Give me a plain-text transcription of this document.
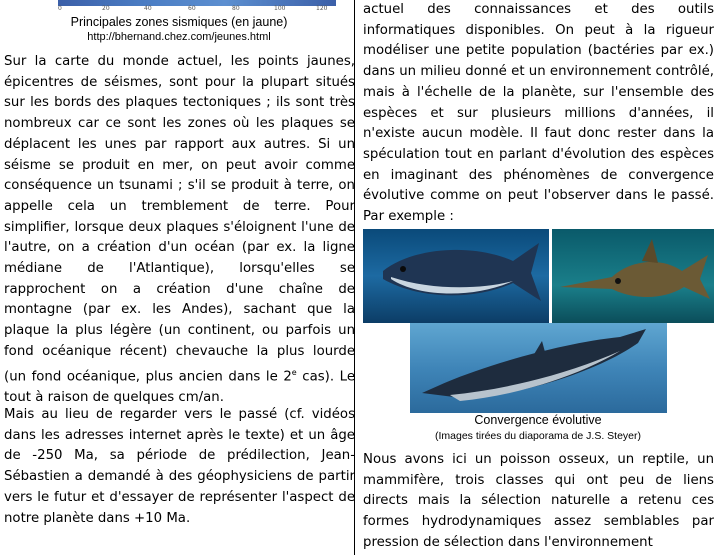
0	20	40	60	80	100	120
Principales zones sismiques (en jaune)
http://bhernand.chez.com/jeunes.html

Sur la carte du monde actuel, les points jaunes, épicentres de séismes, sont pour la plupart situés sur les bords des plaques tectoniques ; ils sont très nombreux car ce sont les zones où les plaques se déplacent les unes par rapport aux autres. Si un séisme se produit en mer, on peut avoir comme conséquence un tsunami ; s'il se produit à terre, on appelle cela un tremblement de terre. Pour simplifier, lorsque deux plaques s'éloignent l'une de l'autre, on a création d'un océan (par ex. la ligne médiane de l'Atlantique), lorsqu'elles se rapprochent on a création d'une chaîne de montagne (par ex. les Andes), sachant que la plaque la plus légère (un continent, ou parfois un fond océanique récent) chevauche la plus lourde (un fond océanique, plus ancien dans le 2e cas). Le tout à raison de quelques cm/an.

Mais au lieu de regarder vers le passé (cf. vidéos dans les adresses internet après le texte) et un âge de -250 Ma, sa période de prédilection, Jean-Sébastien a demandé à des géophysiciens de partir vers le futur et d'essayer de représenter l'aspect de notre planète dans +10 Ma.

actuel des connaissances et des outils informatiques disponibles. On peut à la rigueur modéliser une petite population (bactéries par ex.) dans un milieu donné et un environnement contrôlé, mais à l'échelle de la planète, sur l'ensemble des espèces et sur plusieurs millions d'années, il n'existe aucun modèle. Il faut donc rester dans la spéculation tout en parlant d'évolution des espèces en imaginant des phénomènes de convergence évolutive comme on peut l'observer dans le passé. Par exemple :

Convergence évolutive
(Images tirées du diaporama de J.S. Steyer)

Nous avons ici un poisson osseux, un reptile, un mammifère, trois classes qui ont peu de liens directs mais la sélection naturelle a retenu ces formes hydrodynamiques assez semblables par pression de sélection dans l'environnement
